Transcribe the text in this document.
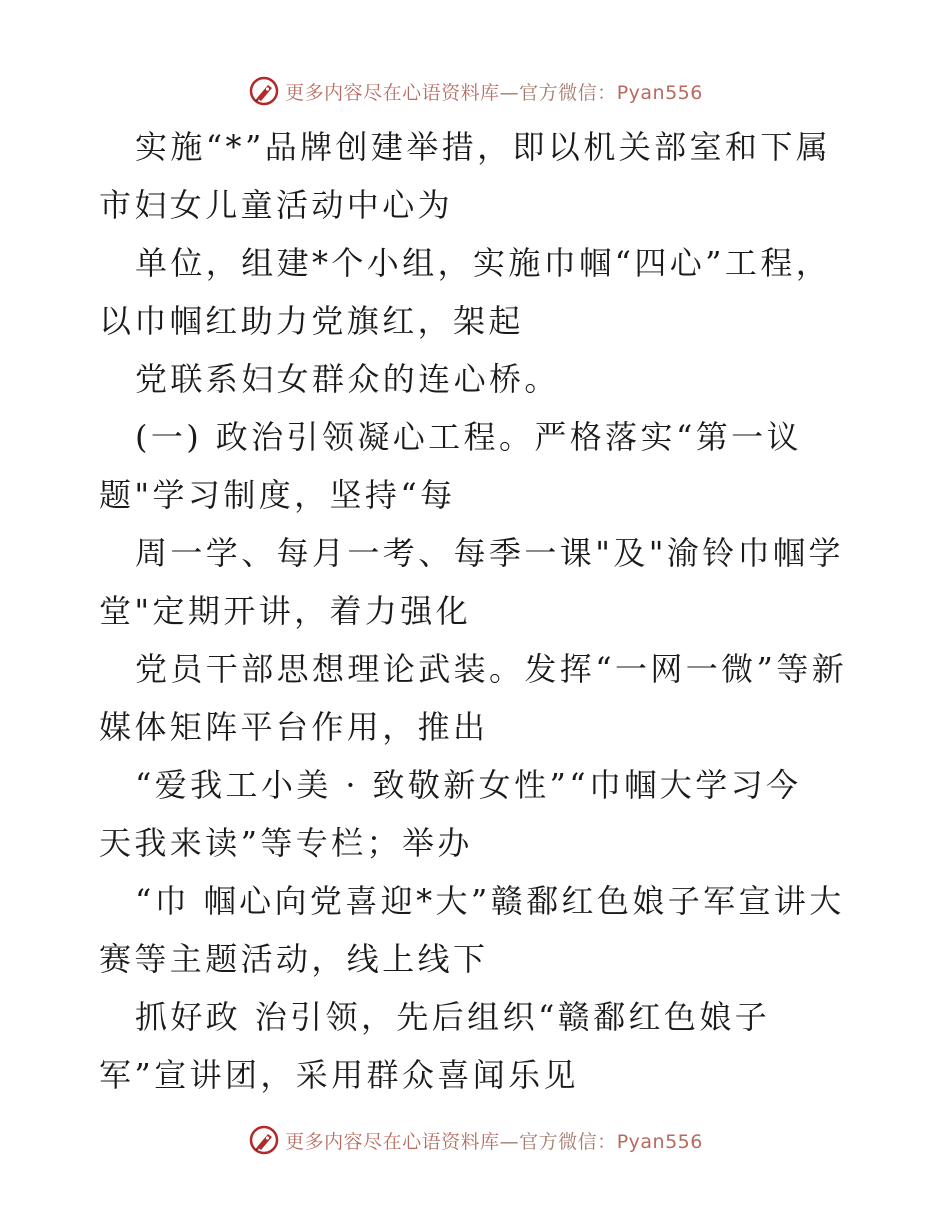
更多内容尽在心语资料库—官方微信：Pyan556
实施“*”品牌创建举措，即以机关部室和下属
市妇女儿童活动中心为
单位，组建*个小组，实施巾帼“四心”工程，
以巾帼红助力党旗红，架起
党联系妇女群众的连心桥。
(一) 政治引领凝心工程。严格落实“第一议
题"学习制度，坚持“每
周一学、每月一考、每季一课"及"渝铃巾帼学
堂"定期开讲，着力强化
党员干部思想理论武装。发挥“一网一微”等新
媒体矩阵平台作用，推出
“爱我工小美 · 致敬新女性”“巾帼大学习今
天我来读”等专栏；举办
“巾 帼心向党喜迎*大”赣鄱红色娘子军宣讲大
赛等主题活动，线上线下
抓好政 治引领，先后组织“赣鄱红色娘子
军”宣讲团，采用群众喜闻乐见
更多内容尽在心语资料库—官方微信：Pyan556
